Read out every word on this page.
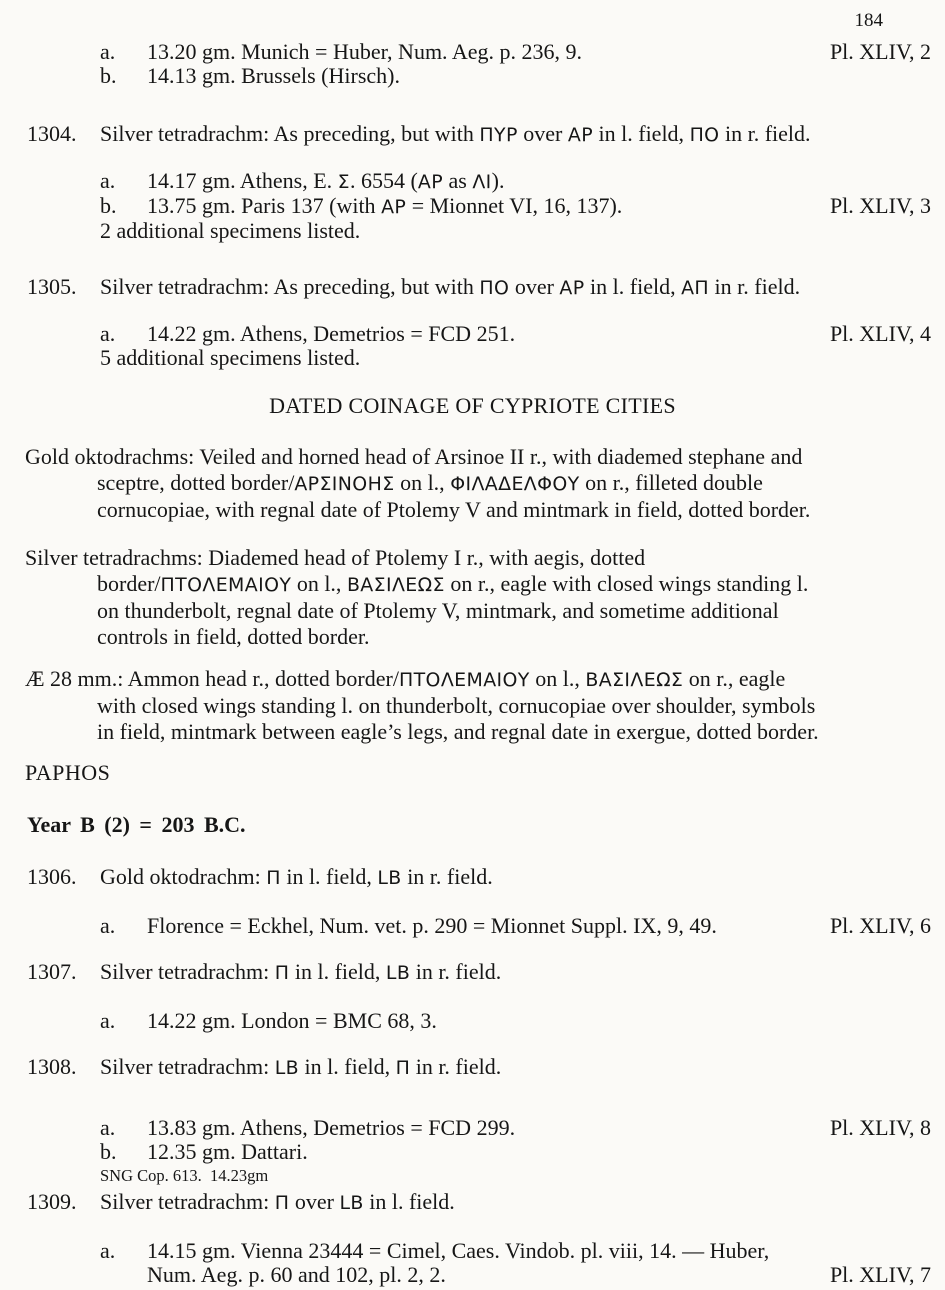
184
a.	13.20 gm. Munich = Huber, Num. Aeg. p. 236, 9.	Pl. XLIV, 2
b.	14.13 gm. Brussels (Hirsch).
1304.	Silver tetradrachm: As preceding, but with ΠΥΡ over ΑΡ in l. field, ΠΟ in r. field.
a.	14.17 gm. Athens, E. Σ. 6554 (ΑΡ as ΛΙ).
b.	13.75 gm. Paris 137 (with ΑΡ = Mionnet VI, 16, 137).	Pl. XLIV, 3
2 additional specimens listed.
1305.	Silver tetradrachm: As preceding, but with ΠΟ over ΑΡ in l. field, ΑΠ in r. field.
a.	14.22 gm. Athens, Demetrios = FCD 251.	Pl. XLIV, 4
5 additional specimens listed.
DATED COINAGE OF CYPRIOTE CITIES
Gold oktodrachms: Veiled and horned head of Arsinoe II r., with diademed stephane and
sceptre, dotted border/ΑΡΣΙΝΟΗΣ on l., ΦΙΛΑΔΕΛΦΟΥ on r., filleted double
cornucopiae, with regnal date of Ptolemy V and mintmark in field, dotted border.
Silver tetradrachms: Diademed head of Ptolemy I r., with aegis, dotted
border/ΠΤΟΛΕΜΑΙΟΥ on l., ΒΑΣΙΛΕΩΣ on r., eagle with closed wings standing l.
on thunderbolt, regnal date of Ptolemy V, mintmark, and sometime additional
controls in field, dotted border.
Æ 28 mm.: Ammon head r., dotted border/ΠΤΟΛΕΜΑΙΟΥ on l., ΒΑΣΙΛΕΩΣ on r., eagle
with closed wings standing l. on thunderbolt, cornucopiae over shoulder, symbols
in field, mintmark between eagle’s legs, and regnal date in exergue, dotted border.
PAPHOS
Year B (2) = 203 B.C.
1306.	Gold oktodrachm: Π in l. field, LΒ in r. field.
a.	Florence = Eckhel, Num. vet. p. 290 = Mionnet Suppl. IX, 9, 49.	Pl. XLIV, 6
1307.	Silver tetradrachm: Π in l. field, LΒ in r. field.
a.	14.22 gm. London = BMC 68, 3.
1308.	Silver tetradrachm: LΒ in l. field, Π in r. field.
a.	13.83 gm. Athens, Demetrios = FCD 299.	Pl. XLIV, 8
b.	12.35 gm. Dattari.
SNG Cop. 613.  14.23gm
1309.	Silver tetradrachm: Π over LΒ in l. field.
a.	14.15 gm. Vienna 23444 = Cimel, Caes. Vindob. pl. viii, 14. — Huber,
Num. Aeg. p. 60 and 102, pl. 2, 2.	Pl. XLIV, 7
